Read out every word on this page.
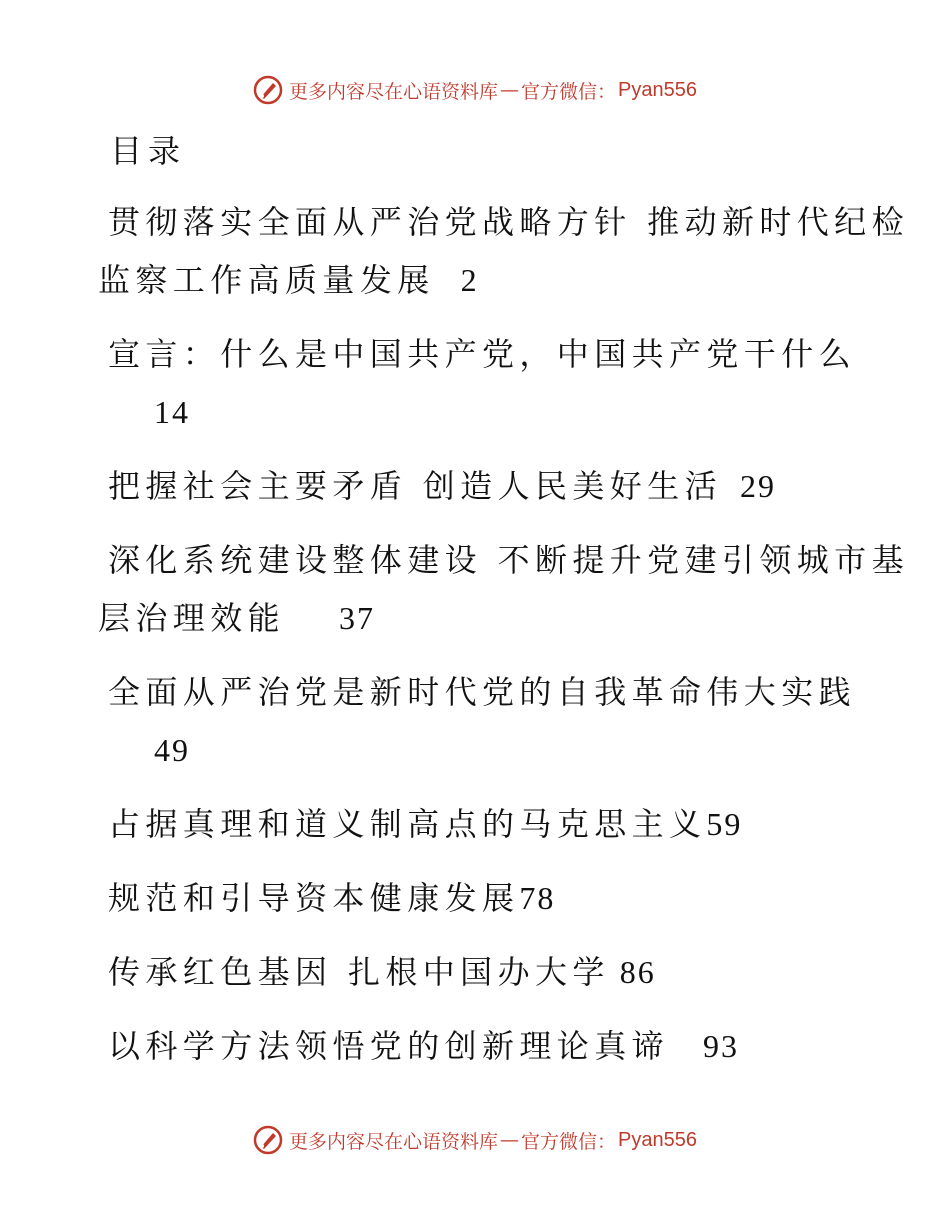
更多内容尽在心语资料库 — 官方微信： Pyan556
目录
贯彻落实全面从严治党战略方针 推动新时代纪检
监察工作高质量发展 2
宣言：什么是中国共产党，中国共产党干什么
14
把握社会主要矛盾 创造人民美好生活 29
深化系统建设整体建设 不断提升党建引领城市基
层治理效能 37
全面从严治党是新时代党的自我革命伟大实践
49
占据真理和道义制高点的马克思主义59
规范和引导资本健康发展78
传承红色基因 扎根中国办大学 86
以科学方法领悟党的创新理论真谛 93
更多内容尽在心语资料库 — 官方微信： Pyan556
